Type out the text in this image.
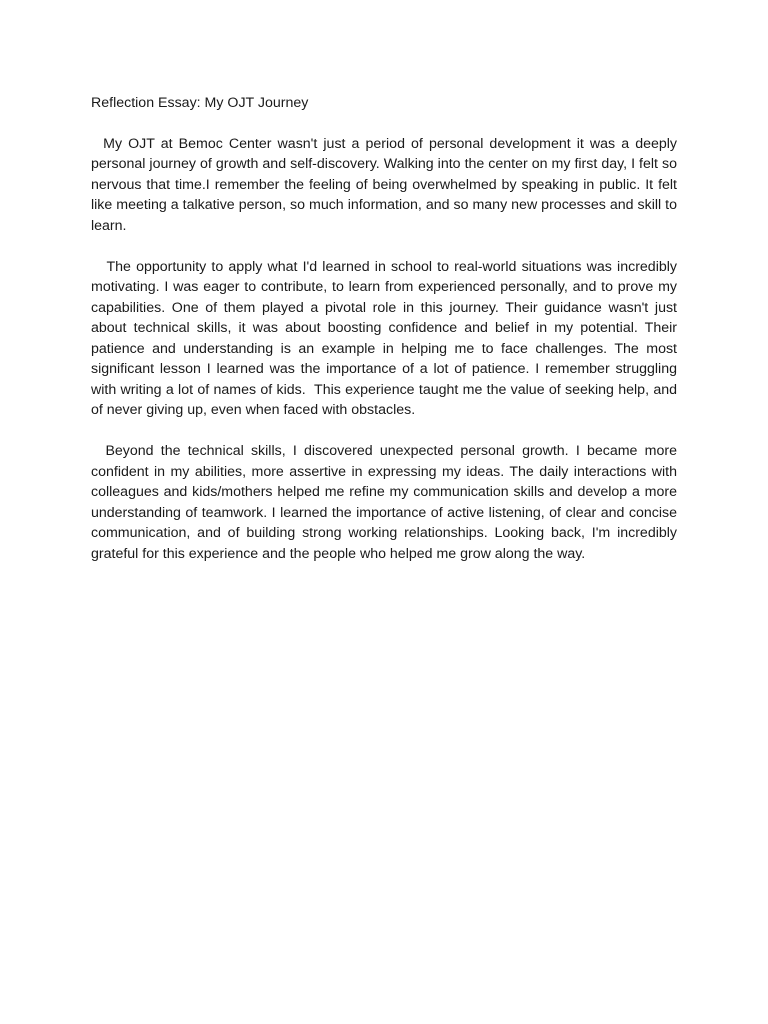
Reflection Essay: My OJT Journey

My OJT at Bemoc Center wasn't just a period of personal development it was a deeply personal journey of growth and self-discovery. Walking into the center on my first day, I felt so nervous that time.I remember the feeling of being overwhelmed by speaking in public. It felt like meeting a talkative person, so much information, and so many new processes and skill to learn.

The opportunity to apply what I'd learned in school to real-world situations was incredibly motivating. I was eager to contribute, to learn from experienced personally, and to prove my capabilities. One of them played a pivotal role in this journey. Their guidance wasn't just about technical skills, it was about boosting confidence and belief in my potential. Their patience and understanding is an example in helping me to face challenges. The most significant lesson I learned was the importance of a lot of patience. I remember struggling with writing a lot of names of kids.  This experience taught me the value of seeking help, and of never giving up, even when faced with obstacles.

Beyond the technical skills, I discovered unexpected personal growth. I became more confident in my abilities, more assertive in expressing my ideas. The daily interactions with colleagues and kids/mothers helped me refine my communication skills and develop a more understanding of teamwork. I learned the importance of active listening, of clear and concise communication, and of building strong working relationships. Looking back, I'm incredibly grateful for this experience and the people who helped me grow along the way.
